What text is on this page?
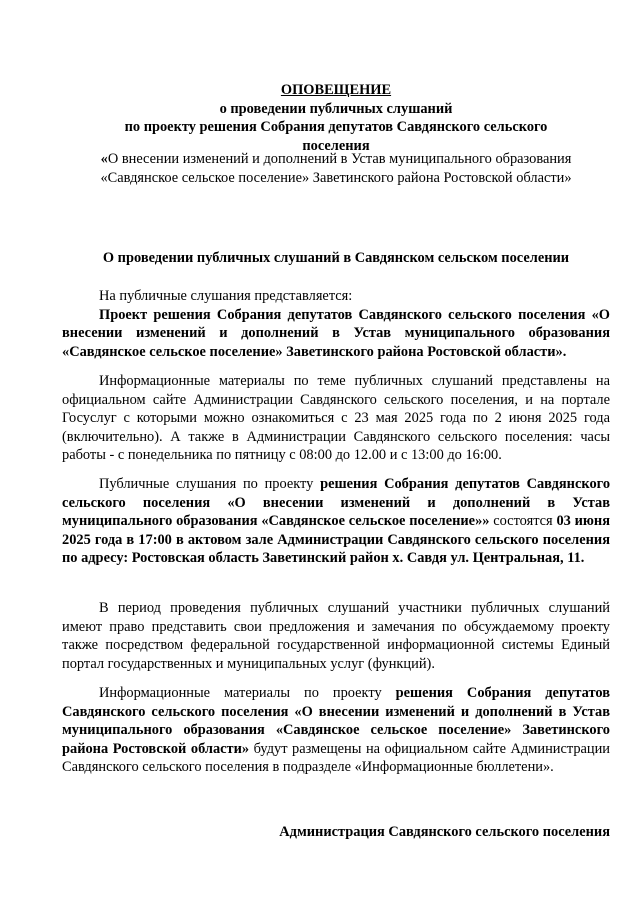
ОПОВЕЩЕНИЕ
о проведении публичных слушаний
по проекту решения Собрания депутатов Савдянского сельского
поселения
«О внесении изменений и дополнений в Устав муниципального образования «Савдянское сельское поселение» Заветинского района Ростовской области»
О проведении публичных слушаний в Савдянском сельском поселении
На публичные слушания представляется:
Проект решения Собрания депутатов Савдянского сельского поселения «О внесении изменений и дополнений в Устав муниципального образования «Савдянское сельское поселение» Заветинского района Ростовской области».
Информационные материалы по теме публичных слушаний представлены на официальном сайте Администрации Савдянского сельского поселения, и на портале Госуслуг с которыми можно ознакомиться с 23 мая 2025 года по 2 июня 2025 года (включительно). А также в Администрации Савдянского сельского поселения: часы работы - с понедельника по пятницу с 08:00 до 12.00 и с 13:00 до 16:00.
Публичные слушания по проекту решения Собрания депутатов Савдянского сельского поселения «О внесении изменений и дополнений в Устав муниципального образования «Савдянское сельское поселение»» состоятся 03 июня 2025 года в 17:00 в актовом зале Администрации Савдянского сельского поселения по адресу: Ростовская область Заветинский район х. Савдя ул. Центральная, 11.
В период проведения публичных слушаний участники публичных слушаний имеют право представить свои предложения и замечания по обсуждаемому проекту также посредством федеральной государственной информационной системы Единый портал государственных и муниципальных услуг (функций).
Информационные материалы по проекту решения Собрания депутатов Савдянского сельского поселения «О внесении изменений и дополнений в Устав муниципального образования «Савдянское сельское поселение» Заветинского района Ростовской области» будут размещены на официальном сайте Администрации Савдянского сельского поселения в подразделе «Информационные бюллетени».
Администрация Савдянского сельского поселения
